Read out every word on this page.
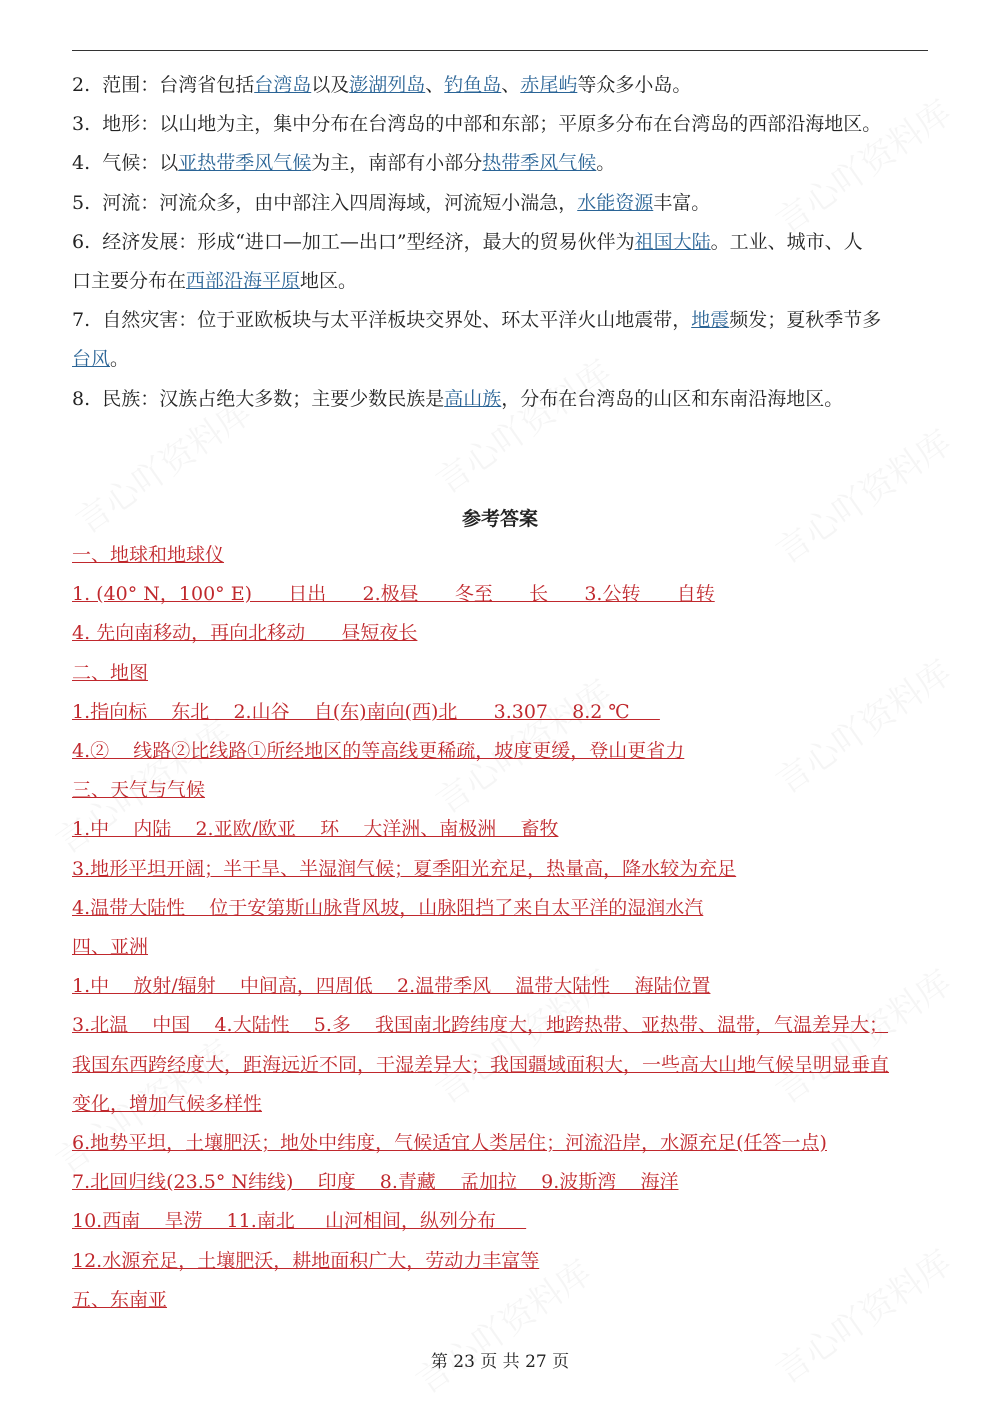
2.  范围：台湾省包括台湾岛以及澎湖列岛、钓鱼岛、赤尾屿等众多小岛。
3.  地形：以山地为主，集中分布在台湾岛的中部和东部；平原多分布在台湾岛的西部沿海地区。
4.  气候：以亚热带季风气候为主，南部有小部分热带季风气候。
5.  河流：河流众多，由中部注入四周海域，河流短小湍急，水能资源丰富。
6.  经济发展：形成“进口—加工—出口”型经济，最大的贸易伙伴为祖国大陆。工业、城市、人
口主要分布在西部沿海平原地区。
7.  自然灾害：位于亚欧板块与太平洋板块交界处、环太平洋火山地震带，地震频发；夏秋季节多
台风。
8.  民族：汉族占绝大多数；主要少数民族是高山族，分布在台湾岛的山区和东南沿海地区。
参考答案
一、地球和地球仪
1. (40° N，100° E)      日出      2.极昼      冬至      长      3.公转      自转
4. 先向南移动，再向北移动      昼短夜长
二、地图
1.指向标    东北    2.山谷    自(东)南向(西)北      3.307    8.2 ℃
4.②    线路②比线路①所经地区的等高线更稀疏，坡度更缓，登山更省力
三、天气与气候
1.中    内陆    2.亚欧/欧亚    环    大洋洲、南极洲    畜牧
3.地形平坦开阔；半干旱、半湿润气候；夏季阳光充足，热量高，降水较为充足
4.温带大陆性    位于安第斯山脉背风坡，山脉阻挡了来自太平洋的湿润水汽
四、亚洲
1.中    放射/辐射    中间高，四周低    2.温带季风    温带大陆性    海陆位置
3.北温    中国    4.大陆性    5.多    我国南北跨纬度大，地跨热带、亚热带、温带，气温差异大；
我国东西跨经度大，距海远近不同，干湿差异大；我国疆域面积大，一些高大山地气候呈明显垂直
变化，增加气候多样性
6.地势平坦，土壤肥沃；地处中纬度，气候适宜人类居住；河流沿岸，水源充足(任答一点)
7.北回归线(23.5° N纬线)    印度    8.青藏    孟加拉    9.波斯湾    海洋
10.西南    旱涝    11.南北     山河相间，纵列分布
12.水源充足，土壤肥沃，耕地面积广大，劳动力丰富等
五、东南亚
第 23 页 共 27 页
